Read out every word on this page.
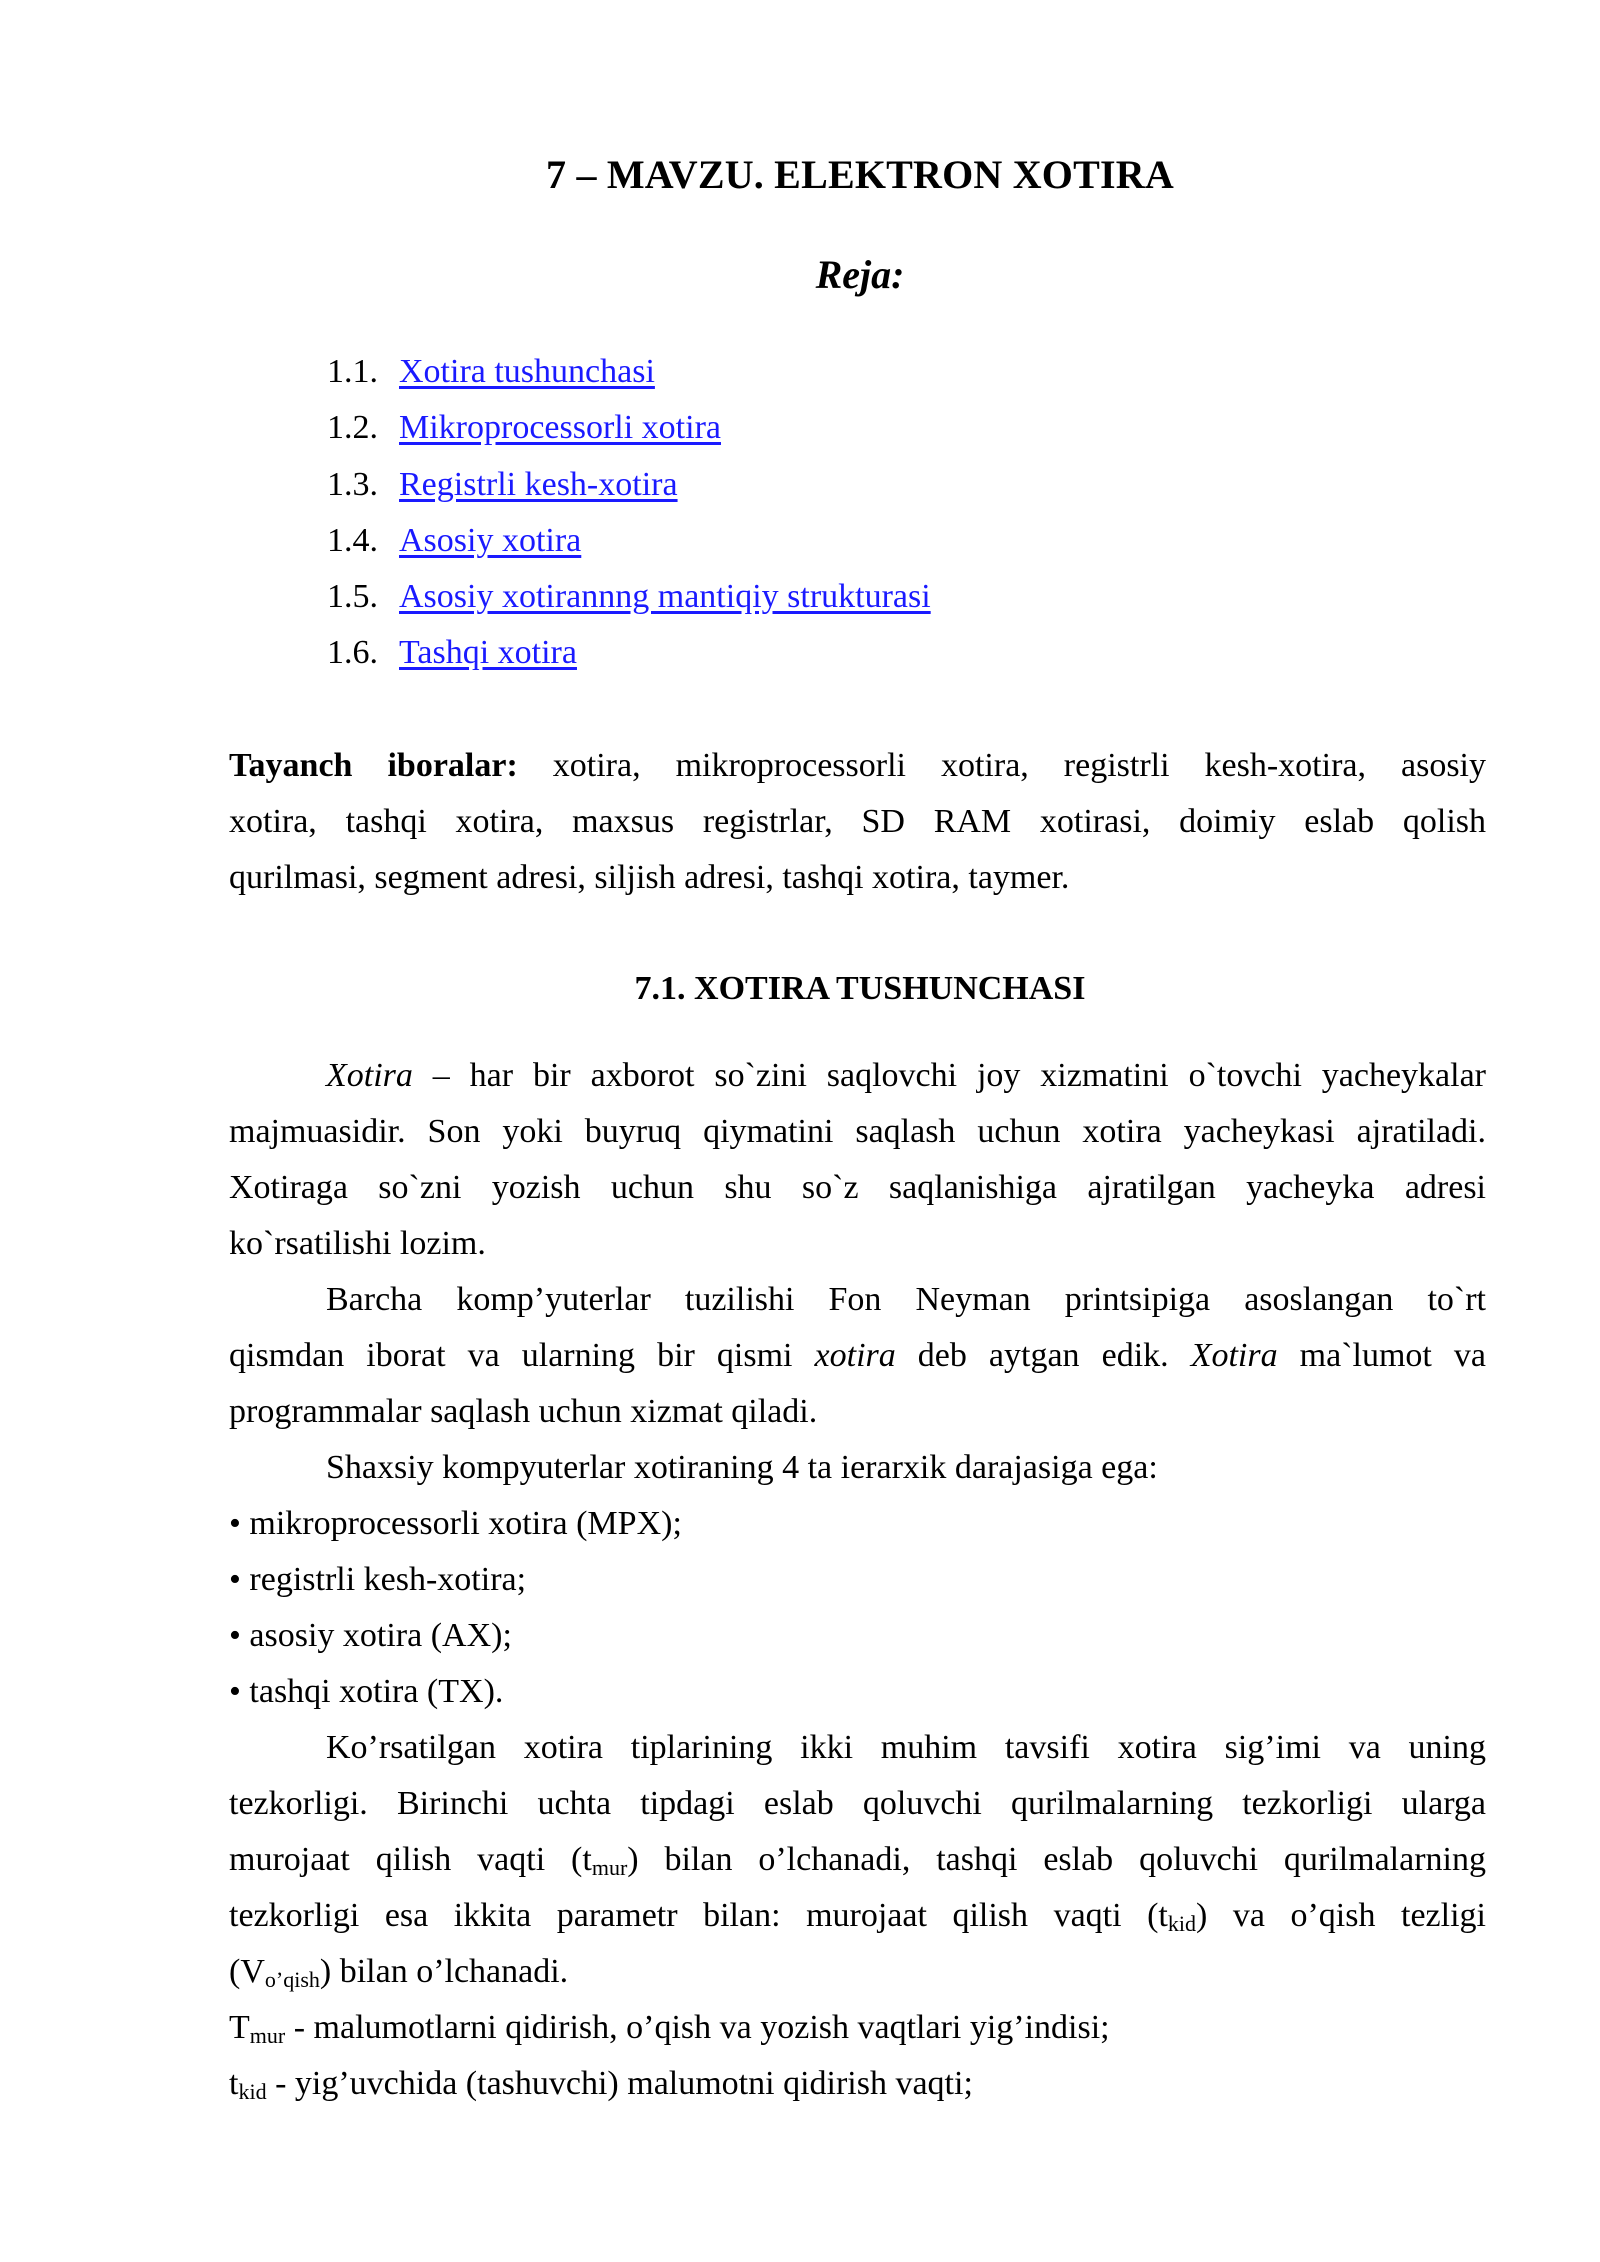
7 – MAVZU. ELEKTRON XOTIRA
Reja:
1.1. Xotira tushunchasi
1.2. Mikroprocessorli xotira
1.3. Registrli kesh-xotira
1.4. Asosiy xotira
1.5. Asosiy xotirannng mantiqiy strukturasi
1.6. Tashqi xotira
Tayanch iboralar: xotira, mikroprocessorli xotira, registrli kesh-xotira, asosiy
xotira, tashqi xotira, maxsus registrlar, SD RAM xotirasi, doimiy eslab qolish
qurilmasi, segment adresi, siljish adresi, tashqi xotira, taymer.
7.1. XOTIRA TUSHUNCHASI
Xotira – har bir axborot so`zini saqlovchi joy xizmatini o`tovchi yacheykalar
majmuasidir. Son yoki buyruq qiymatini saqlash uchun xotira yacheykasi ajratiladi.
Xotiraga so`zni yozish uchun shu so`z saqlanishiga ajratilgan yacheyka adresi
ko`rsatilishi lozim.
Barcha komp’yuterlar tuzilishi Fon Neyman printsipiga asoslangan to`rt
qismdan iborat va ularning bir qismi xotira deb aytgan edik. Xotira ma`lumot va
programmalar saqlash uchun xizmat qiladi.
Shaxsiy kompyuterlar xotiraning 4 ta ierarxik darajasiga ega:
• mikroprocessorli xotira (MPX);
• registrli kesh-xotira;
• asosiy xotira (AX);
• tashqi xotira (TX).
Ko’rsatilgan xotira tiplarining ikki muhim tavsifi xotira sig’imi va uning
tezkorligi. Birinchi uchta tipdagi eslab qoluvchi qurilmalarning tezkorligi ularga
murojaat qilish vaqti $(t_{mur})$ bilan o’lchanadi, tashqi eslab qoluvchi qurilmalarning
tezkorligi esa ikkita parametr bilan: murojaat qilish vaqti $(t_{kid})$ va o’qish tezligi
$(V_{o’qish})$ bilan o’lchanadi.
$T_{mur}$ - malumotlarni qidirish, o’qish va yozish vaqtlari yig’indisi;
$t_{kid}$ - yig’uvchida (tashuvchi) malumotni qidirish vaqti;
